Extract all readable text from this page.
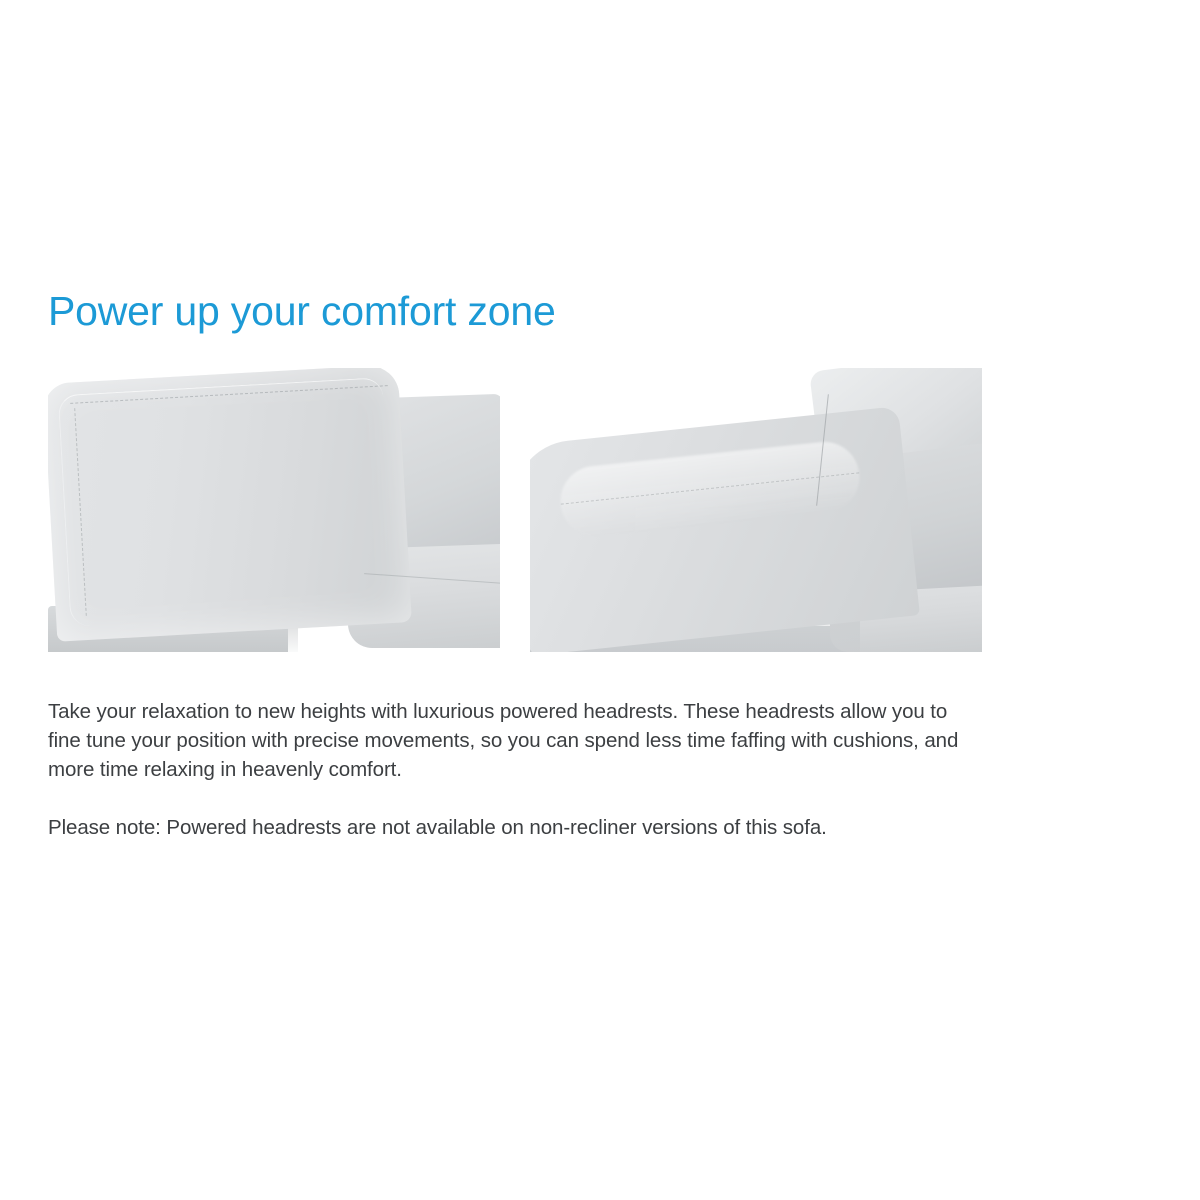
Power up your comfort zone

Take your relaxation to new heights with luxurious powered headrests. These headrests allow you to fine tune your position with precise movements, so you can spend less time faffing with cushions, and more time relaxing in heavenly comfort.

Please note: Powered headrests are not available on non-recliner versions of this sofa.
